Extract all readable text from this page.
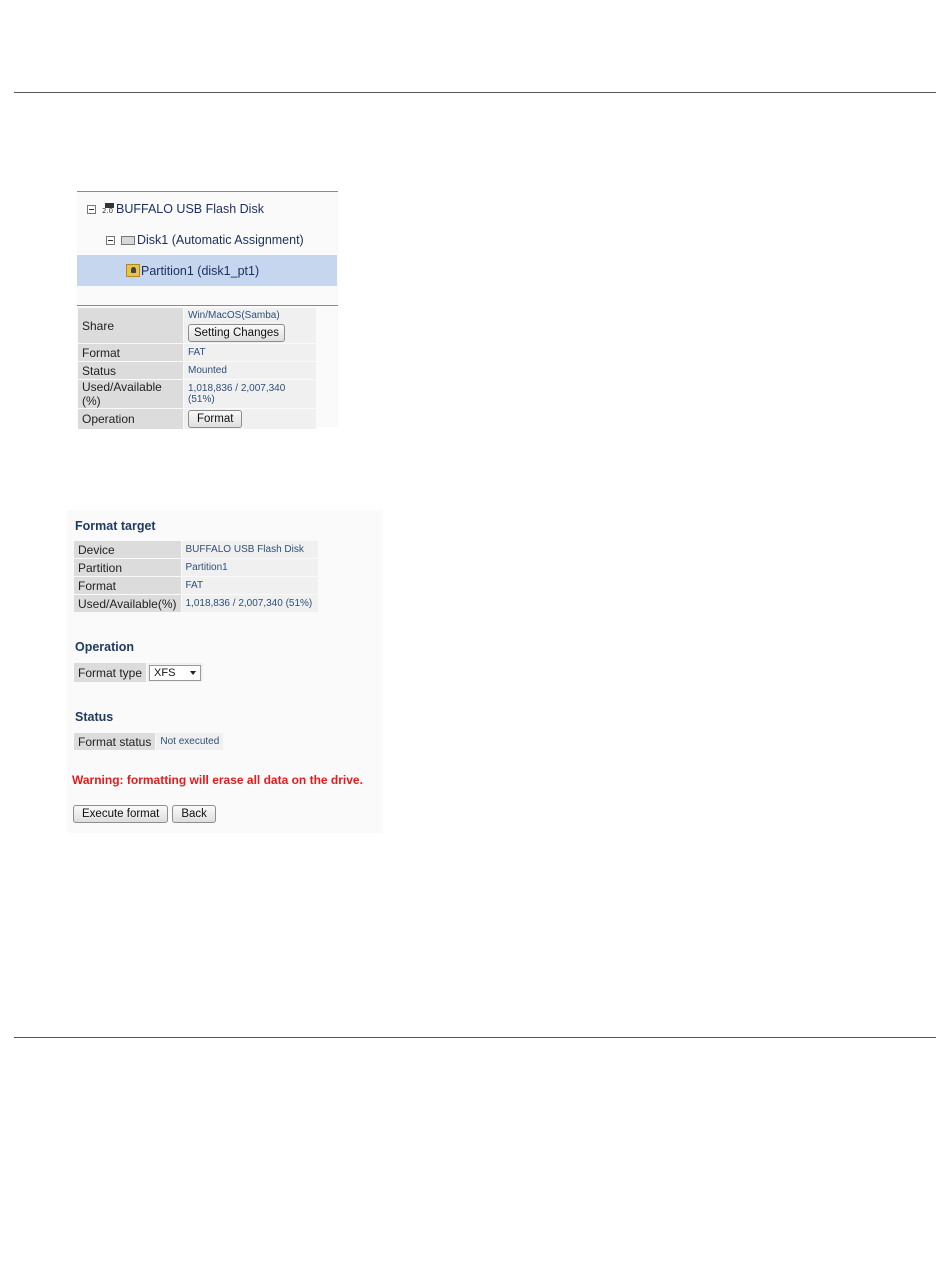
2.0 BUFFALO USB Flash Disk
Disk1 (Automatic Assignment)
Partition1 (disk1_pt1)
Share	Win/MacOS(Samba)
Setting Changes
Format	FAT
Status	Mounted
Used/Available (%)	1,018,836 / 2,007,340 (51%)
Operation	Format
Format target
Device	BUFFALO USB Flash Disk
Partition	Partition1
Format	FAT
Used/Available(%)	1,018,836 / 2,007,340 (51%)
Operation
Format type	XFS
Status
Format status	Not executed
Warning: formatting will erase all data on the drive.
Execute format	Back
